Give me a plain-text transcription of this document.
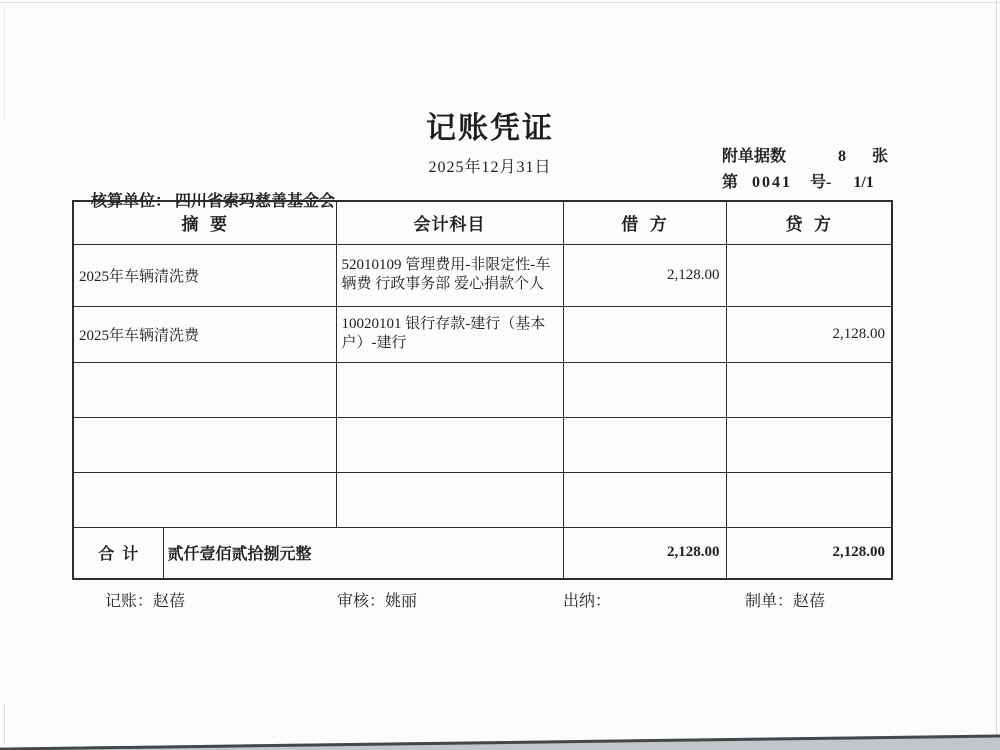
记账凭证
2025年12月31日
附单据数	8 张
第 0041 号- 1/1

核算单位： 四川省索玛慈善基金会

摘  要		会计科目	借  方	贷  方
2025年车辆清洗费		52010109 管理费用-非限定性-车辆费 行政事务部 爱心捐款个人	2,128.00	
2025年车辆清洗费		10020101 银行存款-建行（基本户）-建行		2,128.00

合  计	贰仟壹佰贰拾捌元整		2,128.00	2,128.00
记账：赵蓓	审核：姚丽	出纳：	制单：赵蓓
